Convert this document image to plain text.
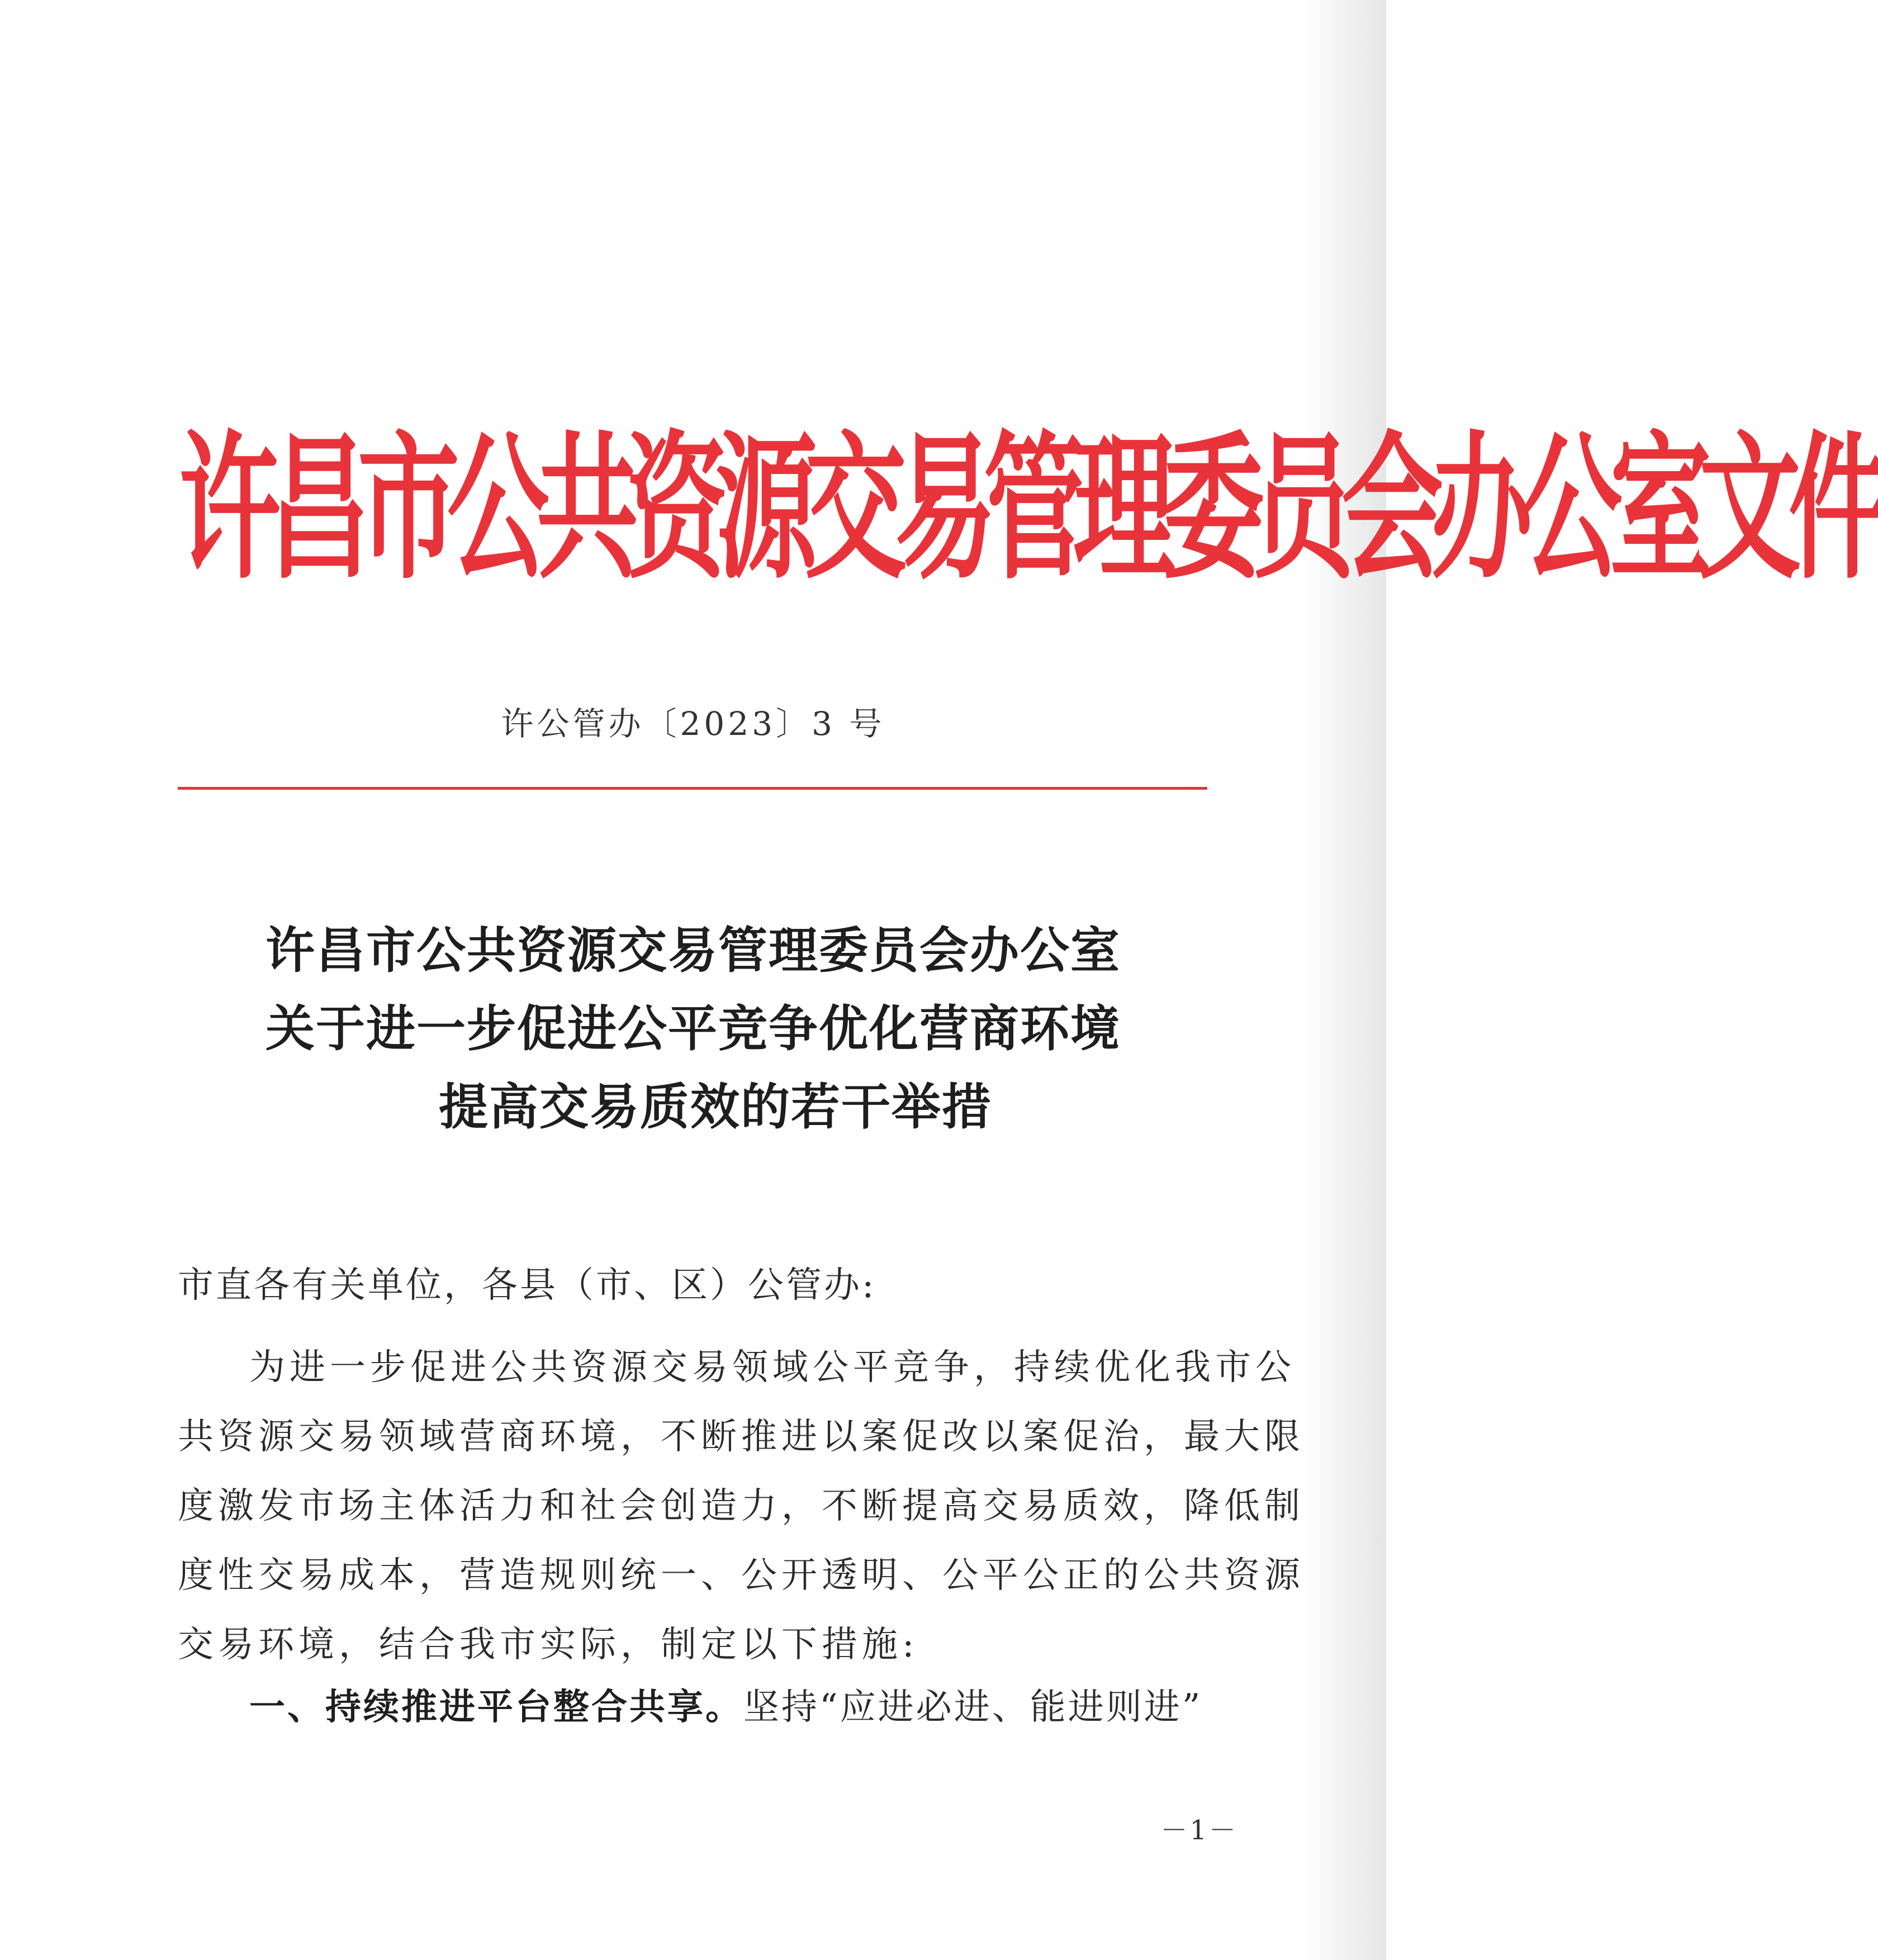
许昌市公共资源交易管理委员会办公室文件
许公管办〔2023〕3 号
许昌市公共资源交易管理委员会办公室
关于进一步促进公平竞争优化营商环境
提高交易质效的若干举措
市直各有关单位，各县（市、区）公管办:
为进一步促进公共资源交易领域公平竞争，持续优化我市公
共资源交易领域营商环境，不断推进以案促改以案促治，最大限
度激发市场主体活力和社会创造力，不断提高交易质效，降低制
度性交易成本，营造规则统一、公开透明、公平公正的公共资源
交易环境，结合我市实际，制定以下措施:
一、持续推进平台整合共享。坚持“应进必进、能进则进”
－1－
